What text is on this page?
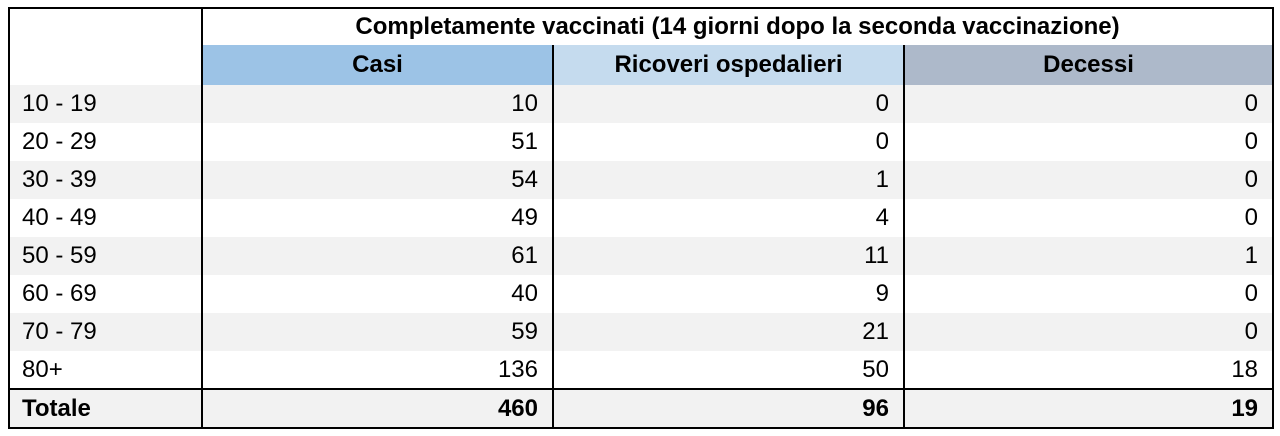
	Completamente vaccinati (14 giorni dopo la seconda vaccinazione)		
	Casi	Ricoveri ospedalieri	Decessi
10 - 19	10	0	0
20 - 29	51	0	0
30 - 39	54	1	0
40 - 49	49	4	0
50 - 59	61	11	1
60 - 69	40	9	0
70 - 79	59	21	0
80+	136	50	18
Totale	460	96	19
